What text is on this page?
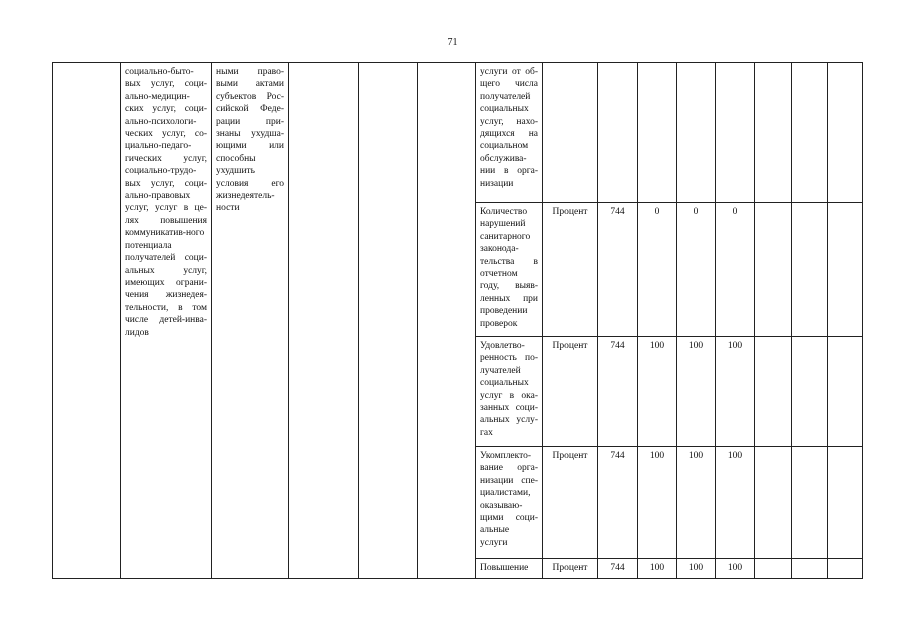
71
	социально-быто-вых услуг, соци-ально-медицин-ских услуг, соци-ально-психологи-ческих услуг, со-циально-педаго-гических услуг, социально-трудо-вых услуг, соци-ально-правовых услуг, услуг в це-лях повышения коммуникатив-ного потенциала получателей соци-альных услуг, имеющих ограни-чения жизнедея-тельности, в том числе детей-инва-лидов	ными право-выми актами субъектов Рос-сийской Феде-рации при-знаны ухудша-ющими или способны ухудшить условия его жизнедеятель-ности				услуги от об-щего числа получателей социальных услуг, нахо-дящихся на социальном обслужива-нии в орга-низации								
						Количество нарушений санитарного законода-тельства в отчетном году, выяв-ленных при проведении проверок	Процент	744	0	0	0			
						Удовлетво-ренность по-лучателей социальных услуг в ока-занных соци-альных услу-гах	Процент	744	100	100	100			
						Укомплекто-вание орга-низации спе-циалистами, оказываю-щими соци-альные услуги	Процент	744	100	100	100			
						Повышение	Процент	744	100	100	100			
